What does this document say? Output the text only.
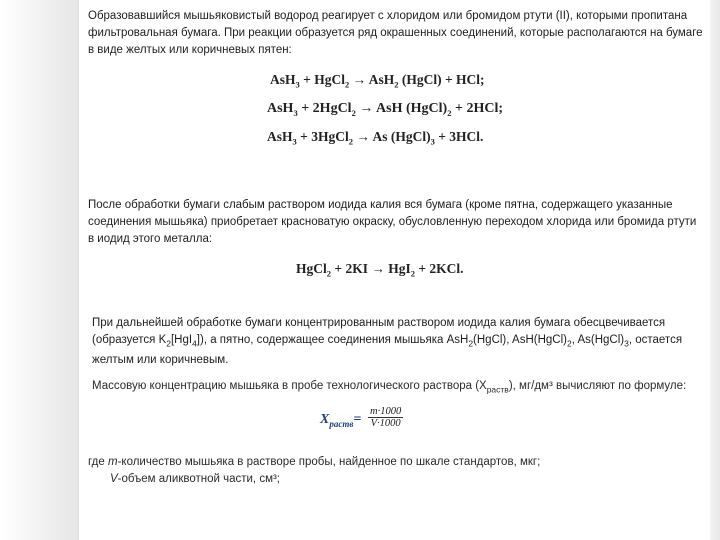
Образовавшийся мышьяковистый водород реагирует с хлоридом или бромидом ртути (II), которыми пропитана фильтровальная бумага. При реакции образуется ряд окрашенных соединений, которые располагаются на бумаге в виде желтых или коричневых пятен:

AsH$_3$ + HgCl$_2$ → AsH$_2$ (HgCl) + HCl;
AsH$_3$ + 2HgCl$_2$ → AsH $(HgCl)_2 + 2HCl$;
AsH$_3$ + 3HgCl$_2$ → As $(HgCl)_3 + 3HCl$.

После обработки бумаги слабым раствором иодида калия вся бумага (кроме пятна, содержащего указанные соединения мышьяка) приобретает красноватую окраску, обусловленную переходом хлорида или бромида ртути в иодид этого металла:

HgCl$_2$ + 2KI → HgI$_2$ + 2KCl.

При дальнейшей обработке бумаги концентрированным раствором иодида калия бумага обесцвечивается (образуется $K_2[HgI_4]$), а пятно, содержащее соединения мышьяка AsH$_2$(HgCl), $AsH(HgCl)_2$, $As(HgCl)_3$, остается желтым или коричневым.

Массовую концентрацию мышьяка в пробе технологического раствора $(X_{раств})$, мг/дм³ вычисляют по формуле:

$X_{раств}= \frac{m\cdot 1000}{V\cdot 1000}$

где m-количество мышьяка в растворе пробы, найденное по шкале стандартов, мкг;

V-объем аликвотной части, см³;
